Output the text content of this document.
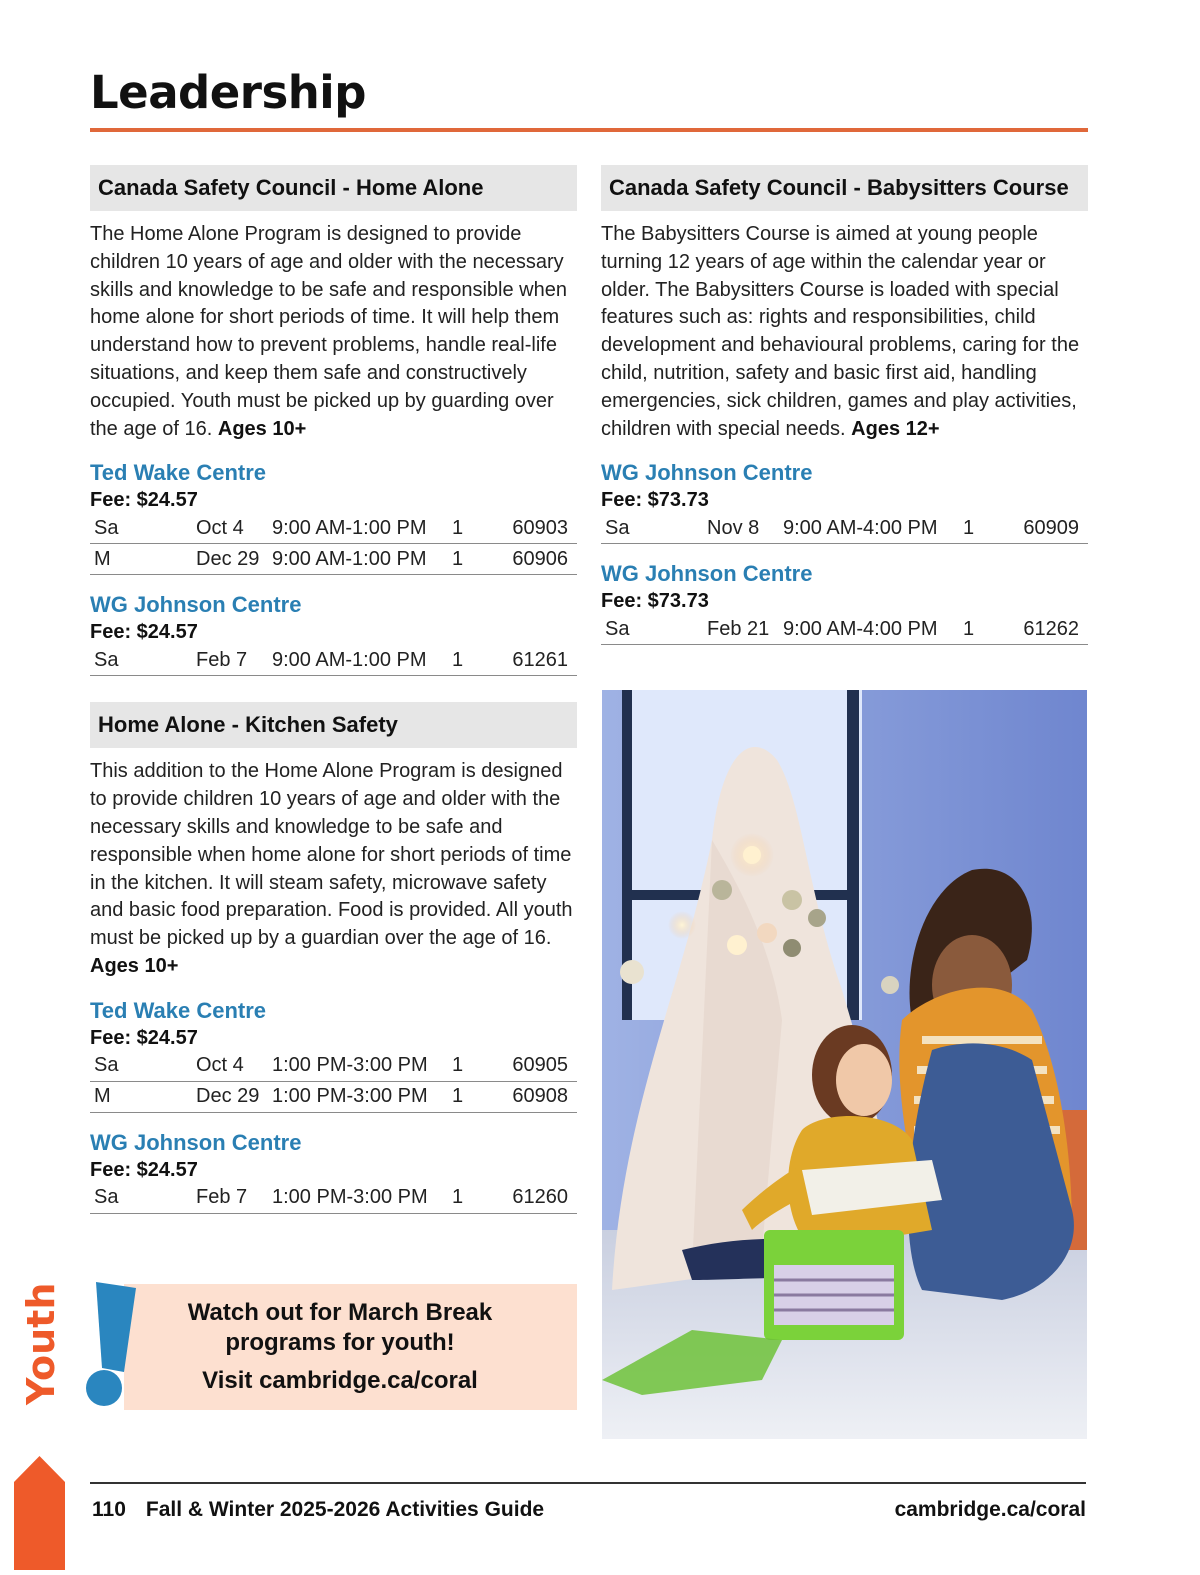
Leadership
Canada Safety Council - Home Alone

The Home Alone Program is designed to provide children 10 years of age and older with the necessary skills and knowledge to be safe and responsible when home alone for short periods of time. It will help them understand how to prevent problems, handle real-life situations, and keep them safe and constructively occupied. Youth must be picked up by guarding over the age of 16. Ages 10+

Ted Wake Centre
Fee: $24.57
Sa	Oct 4	9:00 AM-1:00 PM	1	60903
M	Dec 29	9:00 AM-1:00 PM	1	60906
WG Johnson Centre
Fee: $24.57
Sa	Feb 7	9:00 AM-1:00 PM	1	61261
Home Alone - Kitchen Safety

This addition to the Home Alone Program is designed to provide children 10 years of age and older with the necessary skills and knowledge to be safe and responsible when home alone for short periods of time in the kitchen. It will steam safety, microwave safety and basic food preparation. Food is provided. All youth must be picked up by a guardian over the age of 16.
Ages 10+

Ted Wake Centre
Fee: $24.57
Sa	Oct 4	1:00 PM-3:00 PM	1	60905
M	Dec 29	1:00 PM-3:00 PM	1	60908
WG Johnson Centre
Fee: $24.57
Sa	Feb 7	1:00 PM-3:00 PM	1	61260
Canada Safety Council - Babysitters Course

The Babysitters Course is aimed at young people turning 12 years of age within the calendar year or older. The Babysitters Course is loaded with special features such as: rights and responsibilities, child development and behavioural problems, caring for the child, nutrition, safety and basic first aid, handling emergencies, sick children, games and play activities, children with special needs. Ages 12+

WG Johnson Centre
Fee: $73.73
Sa	Nov 8	9:00 AM-4:00 PM	1	60909
WG Johnson Centre
Fee: $73.73
Sa	Feb 21	9:00 AM-4:00 PM	1	61262
Watch out for March Break
programs for youth!
Visit cambridge.ca/coral
Youth
110 Fall & Winter 2025-2026 Activities Guide	cambridge.ca/coral
